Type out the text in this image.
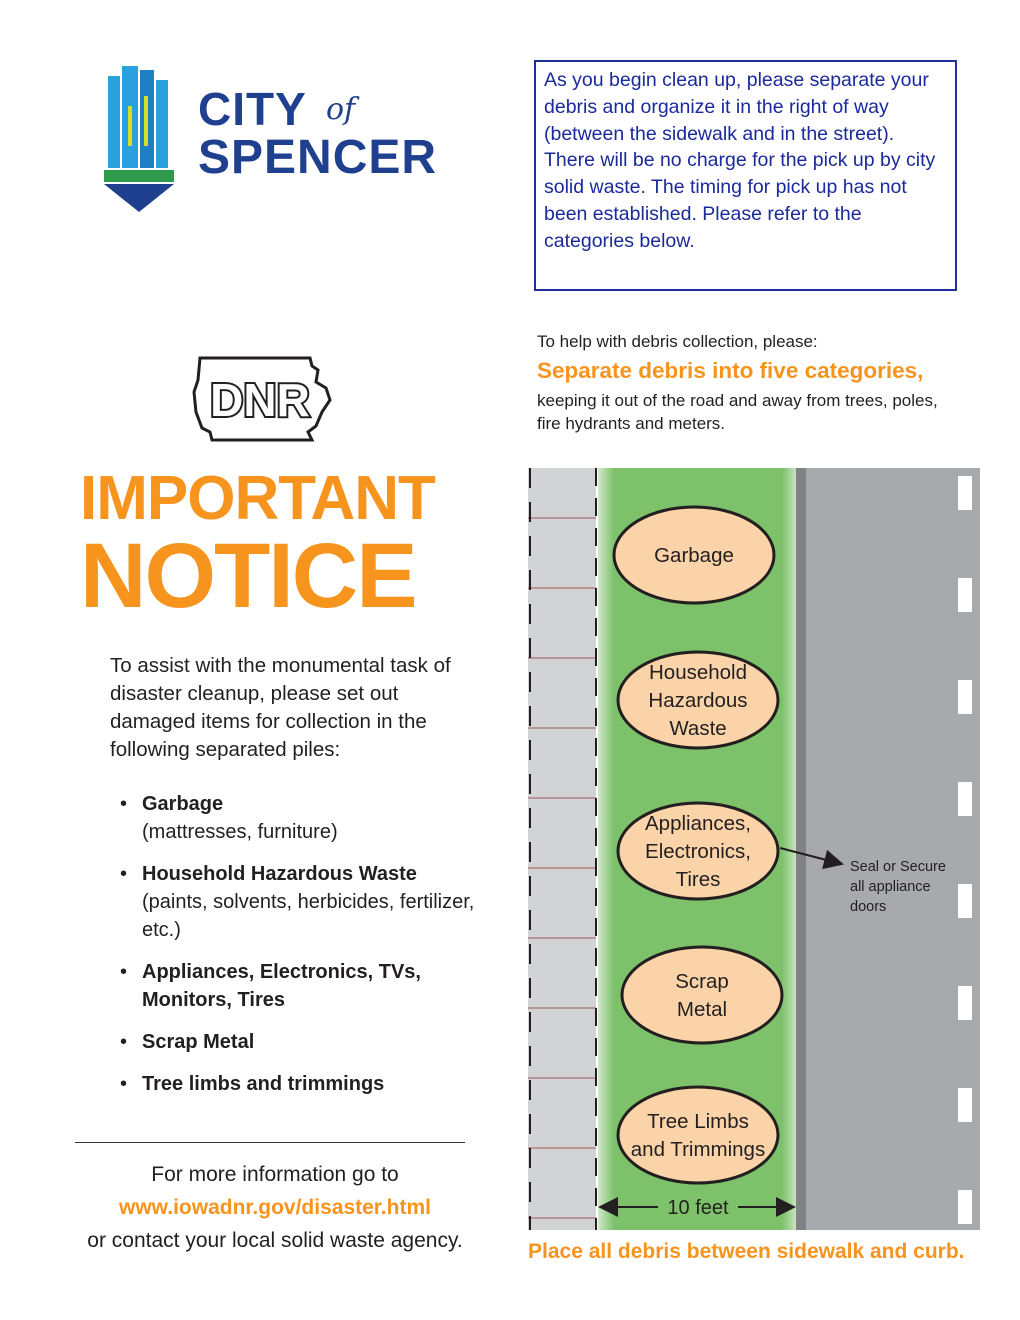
CITY of
SPENCER
As you begin clean up, please separate your debris and organize it in the right of way (between the sidewalk and in the street). There will be no charge for the pick up by city solid waste. The timing for pick up has not been established. Please refer to the categories below.
DNR
IMPORTANT
NOTICE
To assist with the monumental task of disaster cleanup, please set out damaged items for collection in the following separated piles:
• Garbage
(mattresses, furniture)
• Household Hazardous Waste
(paints, solvents, herbicides, fertilizer, etc.)
• Appliances, Electronics, TVs, Monitors, Tires
• Scrap Metal
• Tree limbs and trimmings
For more information go to
www.iowadnr.gov/disaster.html
or contact your local solid waste agency.
To help with debris collection, please:
Separate debris into five categories,
keeping it out of the road and away from trees, poles, fire hydrants and meters.
Garbage
Household Hazardous Waste
Appliances, Electronics, Tires
Scrap Metal
Tree Limbs and Trimmings
Seal or Secure all appliance doors
10 feet
Place all debris between sidewalk and curb.
